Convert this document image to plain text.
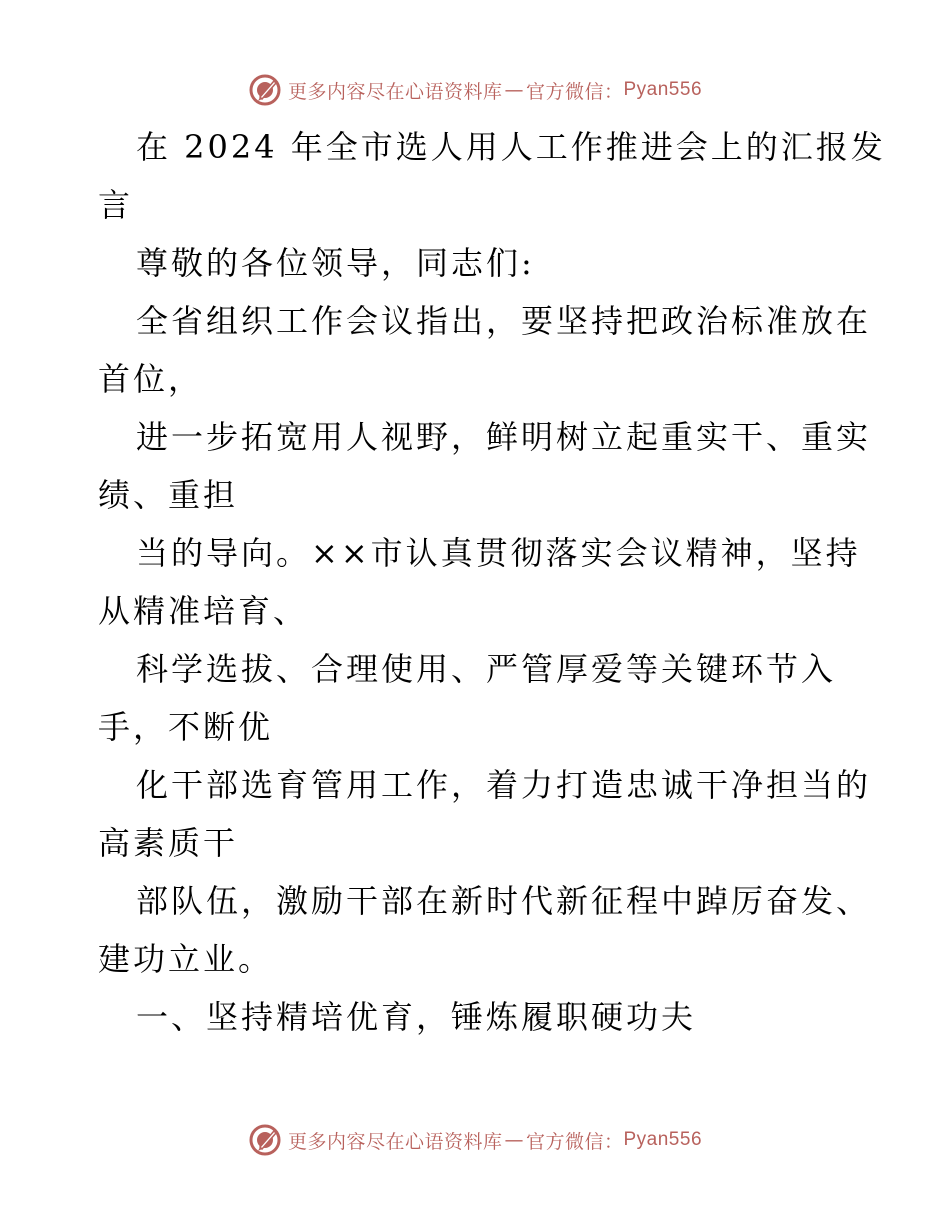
更多内容尽在心语资料库 — 官方微信： Pyan556
在 2024 年全市选人用人工作推进会上的汇报发
言
尊敬的各位领导，同志们:
全省组织工作会议指出，要坚持把政治标准放在
首位，
进一步拓宽用人视野，鲜明树立起重实干、重实
绩、重担
当的导向。××市认真贯彻落实会议精神，坚持
从精准培育、
科学选拔、合理使用、严管厚爱等关键环节入
手，不断优
化干部选育管用工作，着力打造忠诚干净担当的
高素质干
部队伍，激励干部在新时代新征程中踔厉奋发、
建功立业。
一、坚持精培优育，锤炼履职硬功夫
更多内容尽在心语资料库 — 官方微信： Pyan556
